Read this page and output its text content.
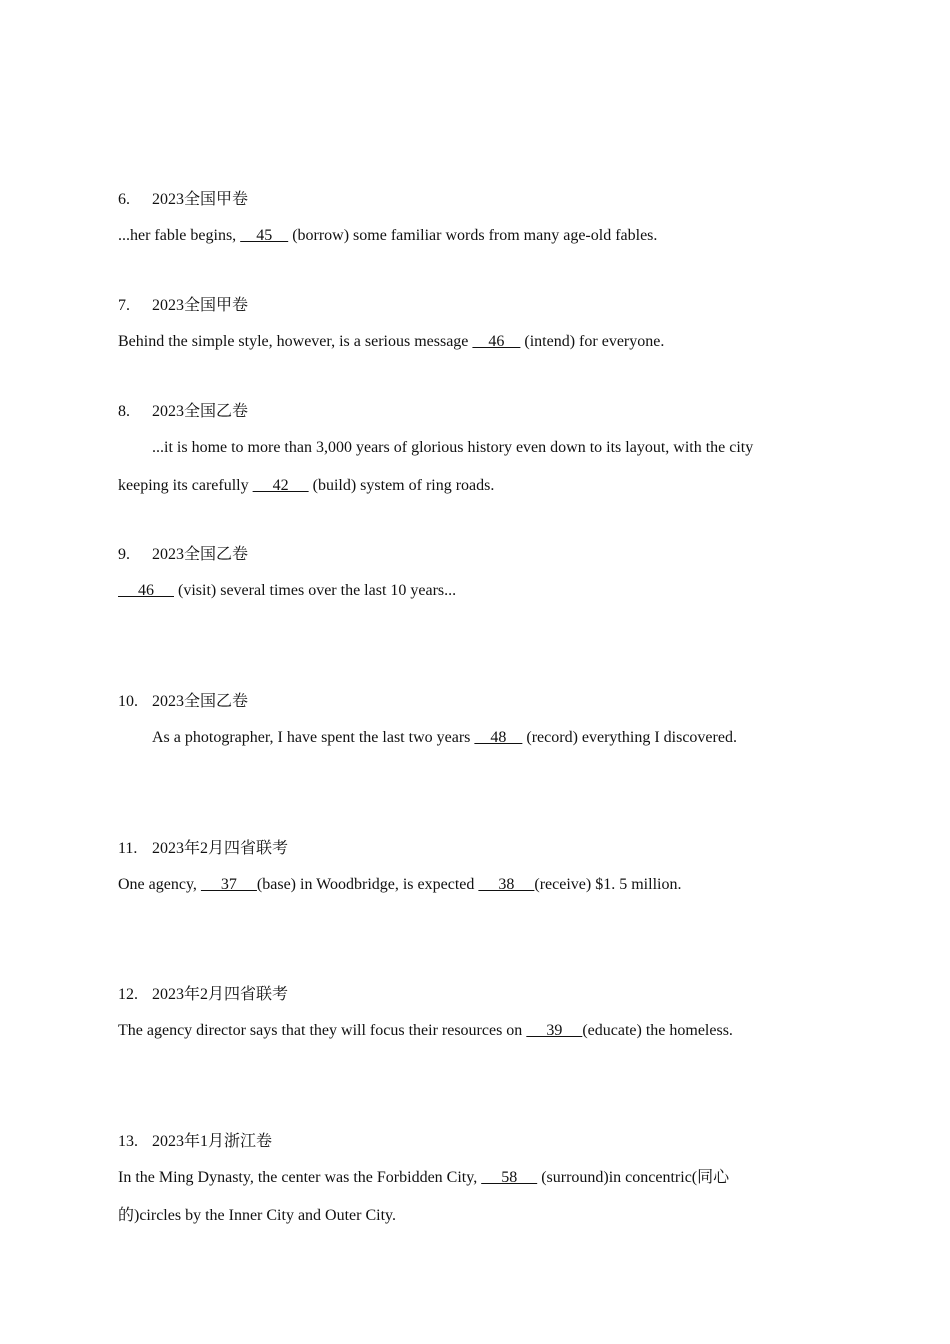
6. 2023全国甲卷
...her fable begins,     45     (borrow) some familiar words from many age-old fables.
7. 2023全国甲卷
Behind the simple style, however, is a serious message     46     (intend) for everyone.
8. 2023全国乙卷
...it is home to more than 3,000 years of glorious history even down to its layout, with the city
keeping its carefully      42      (build) system of ring roads.
9. 2023全国乙卷
46      (visit) several times over the last 10 years...
10. 2023全国乙卷
As a photographer, I have spent the last two years     48     (record) everything I discovered.
11. 2023年2月四省联考
One agency,      37     (base) in Woodbridge, is expected      38     (receive) $1. 5 million.
12. 2023年2月四省联考
The agency director says that they will focus their resources on      39     (educate) the homeless.
13. 2023年1月浙江卷
In the Ming Dynasty, the center was the Forbidden City,      58      (surround)in concentric(同心
的)circles by the Inner City and Outer City.
